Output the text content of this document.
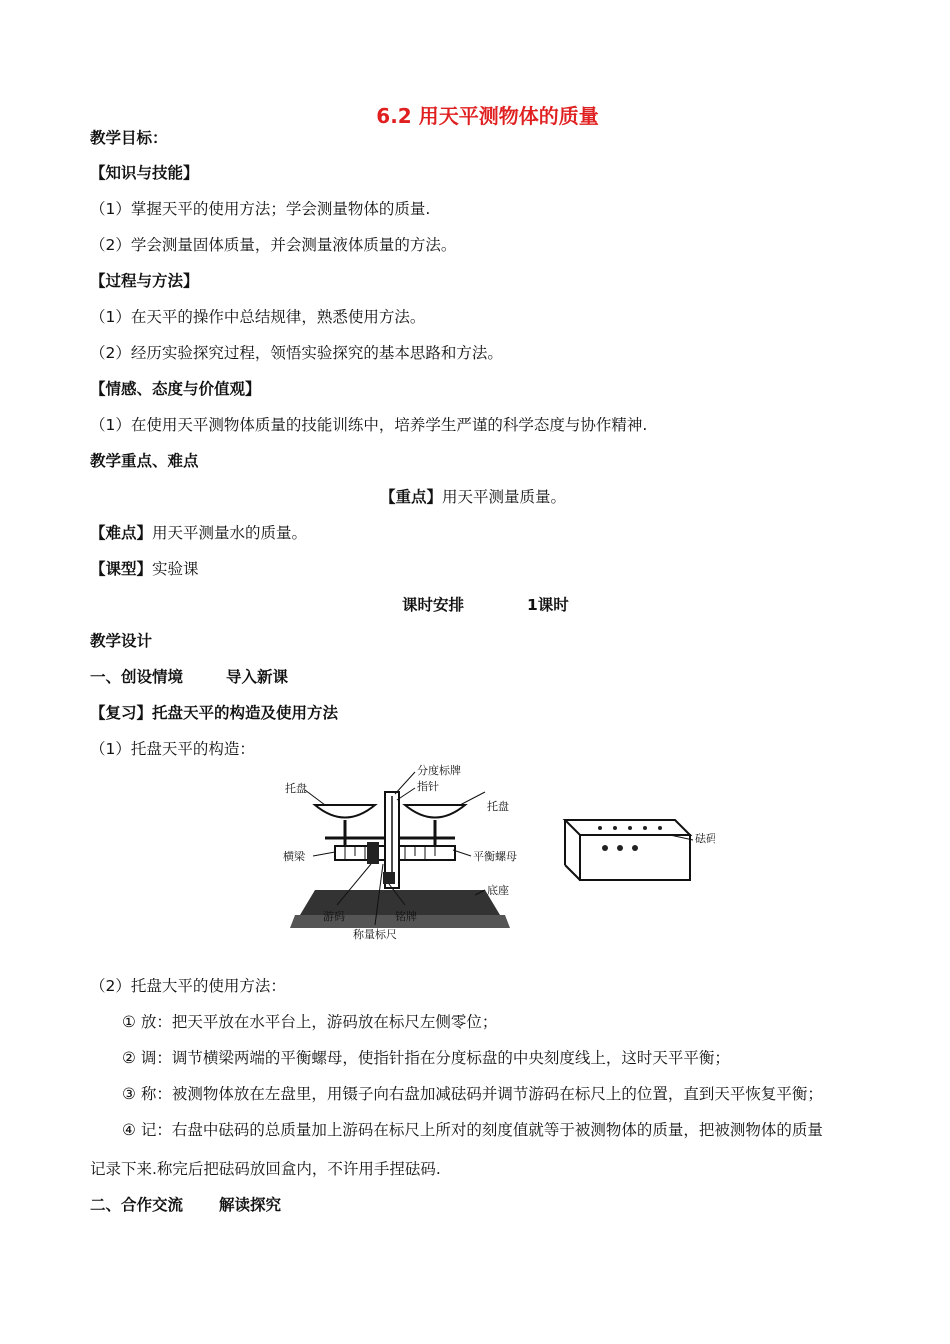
6.2 用天平测物体的质量
教学目标：
【知识与技能】
（1）掌握天平的使用方法；学会测量物体的质量.
（2）学会测量固体质量，并会测量液体质量的方法。
【过程与方法】
（1）在天平的操作中总结规律，熟悉使用方法。
（2）经历实验探究过程，领悟实验探究的基本思路和方法。
【情感、态度与价值观】
（1）在使用天平测物体质量的技能训练中，培养学生严谨的科学态度与协作精神.
教学重点、难点
【重点】用天平测量质量。
【难点】用天平测量水的质量。
【课型】实验课
课时安排	1课时
教学设计
一、创设情境	导入新课
【复习】托盘天平的构造及使用方法
（1）托盘天平的构造：
托盘
分度标牌
指针
托盘
横梁	平衡螺母
底座
游码	铭牌
称量标尺
砝码
（2）托盘大平的使用方法：
① 放：把天平放在水平台上，游码放在标尺左侧零位；
② 调：调节横梁两端的平衡螺母，使指针指在分度标盘的中央刻度线上，这时天平平衡；
③ 称：被测物体放在左盘里，用镊子向右盘加减砝码并调节游码在标尺上的位置，直到天平恢复平衡；
④ 记：右盘中砝码的总质量加上游码在标尺上所对的刻度值就等于被测物体的质量，把被测物体的质量
记录下来.称完后把砝码放回盒内，不许用手捏砝码.
二、合作交流 解读探究
